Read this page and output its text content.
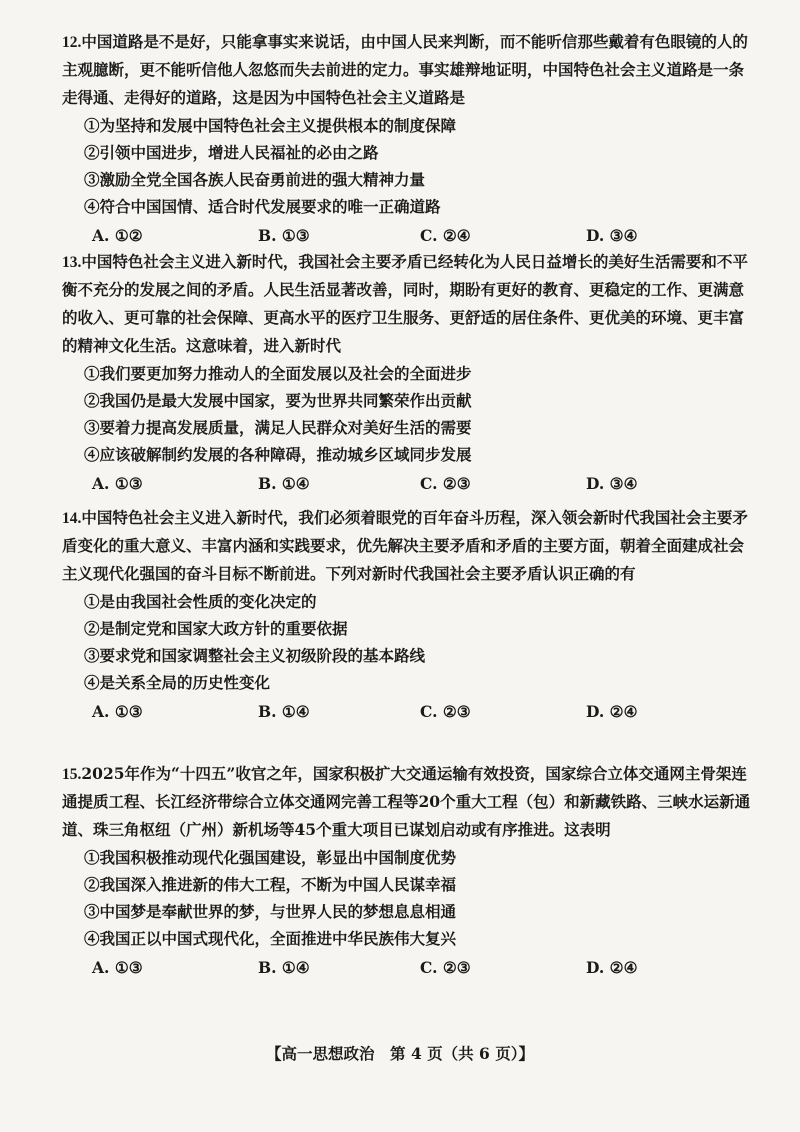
12.中国道路是不是好，只能拿事实来说话，由中国人民来判断，而不能听信那些戴着有色眼镜的人的主观臆断，更不能听信他人忽悠而失去前进的定力。事实雄辩地证明，中国特色社会主义道路是一条走得通、走得好的道路，这是因为中国特色社会主义道路是

①为坚持和发展中国特色社会主义提供根本的制度保障

②引领中国进步，增进人民福祉的必由之路

③激励全党全国各族人民奋勇前进的强大精神力量

④符合中国国情、适合时代发展要求的唯一正确道路

A. ①②	B. ①③	C. ②④	D. ③④

13.中国特色社会主义进入新时代，我国社会主要矛盾已经转化为人民日益增长的美好生活需要和不平衡不充分的发展之间的矛盾。人民生活显著改善，同时，期盼有更好的教育、更稳定的工作、更满意的收入、更可靠的社会保障、更高水平的医疗卫生服务、更舒适的居住条件、更优美的环境、更丰富的精神文化生活。这意味着，进入新时代

①我们要更加努力推动人的全面发展以及社会的全面进步

②我国仍是最大发展中国家，要为世界共同繁荣作出贡献

③要着力提高发展质量，满足人民群众对美好生活的需要

④应该破解制约发展的各种障碍，推动城乡区域同步发展

A. ①③	B. ①④	C. ②③	D. ③④

14.中国特色社会主义进入新时代，我们必须着眼党的百年奋斗历程，深入领会新时代我国社会主要矛盾变化的重大意义、丰富内涵和实践要求，优先解决主要矛盾和矛盾的主要方面，朝着全面建成社会主义现代化强国的奋斗目标不断前进。下列对新时代我国社会主要矛盾认识正确的有

①是由我国社会性质的变化决定的

②是制定党和国家大政方针的重要依据

③要求党和国家调整社会主义初级阶段的基本路线

④是关系全局的历史性变化

A. ①③	B. ①④	C. ②③	D. ②④

15.2025年作为“十四五”收官之年，国家积极扩大交通运输有效投资，国家综合立体交通网主骨架连通提质工程、长江经济带综合立体交通网完善工程等20个重大工程（包）和新藏铁路、三峡水运新通道、珠三角枢纽（广州）新机场等45个重大项目已谋划启动或有序推进。这表明

①我国积极推动现代化强国建设，彰显出中国制度优势

②我国深入推进新的伟大工程，不断为中国人民谋幸福

③中国梦是奉献世界的梦，与世界人民的梦想息息相通

④我国正以中国式现代化，全面推进中华民族伟大复兴

A. ①③	B. ①④	C. ②③	D. ②④
【高一思想政治　第 4 页（共 6 页）】
